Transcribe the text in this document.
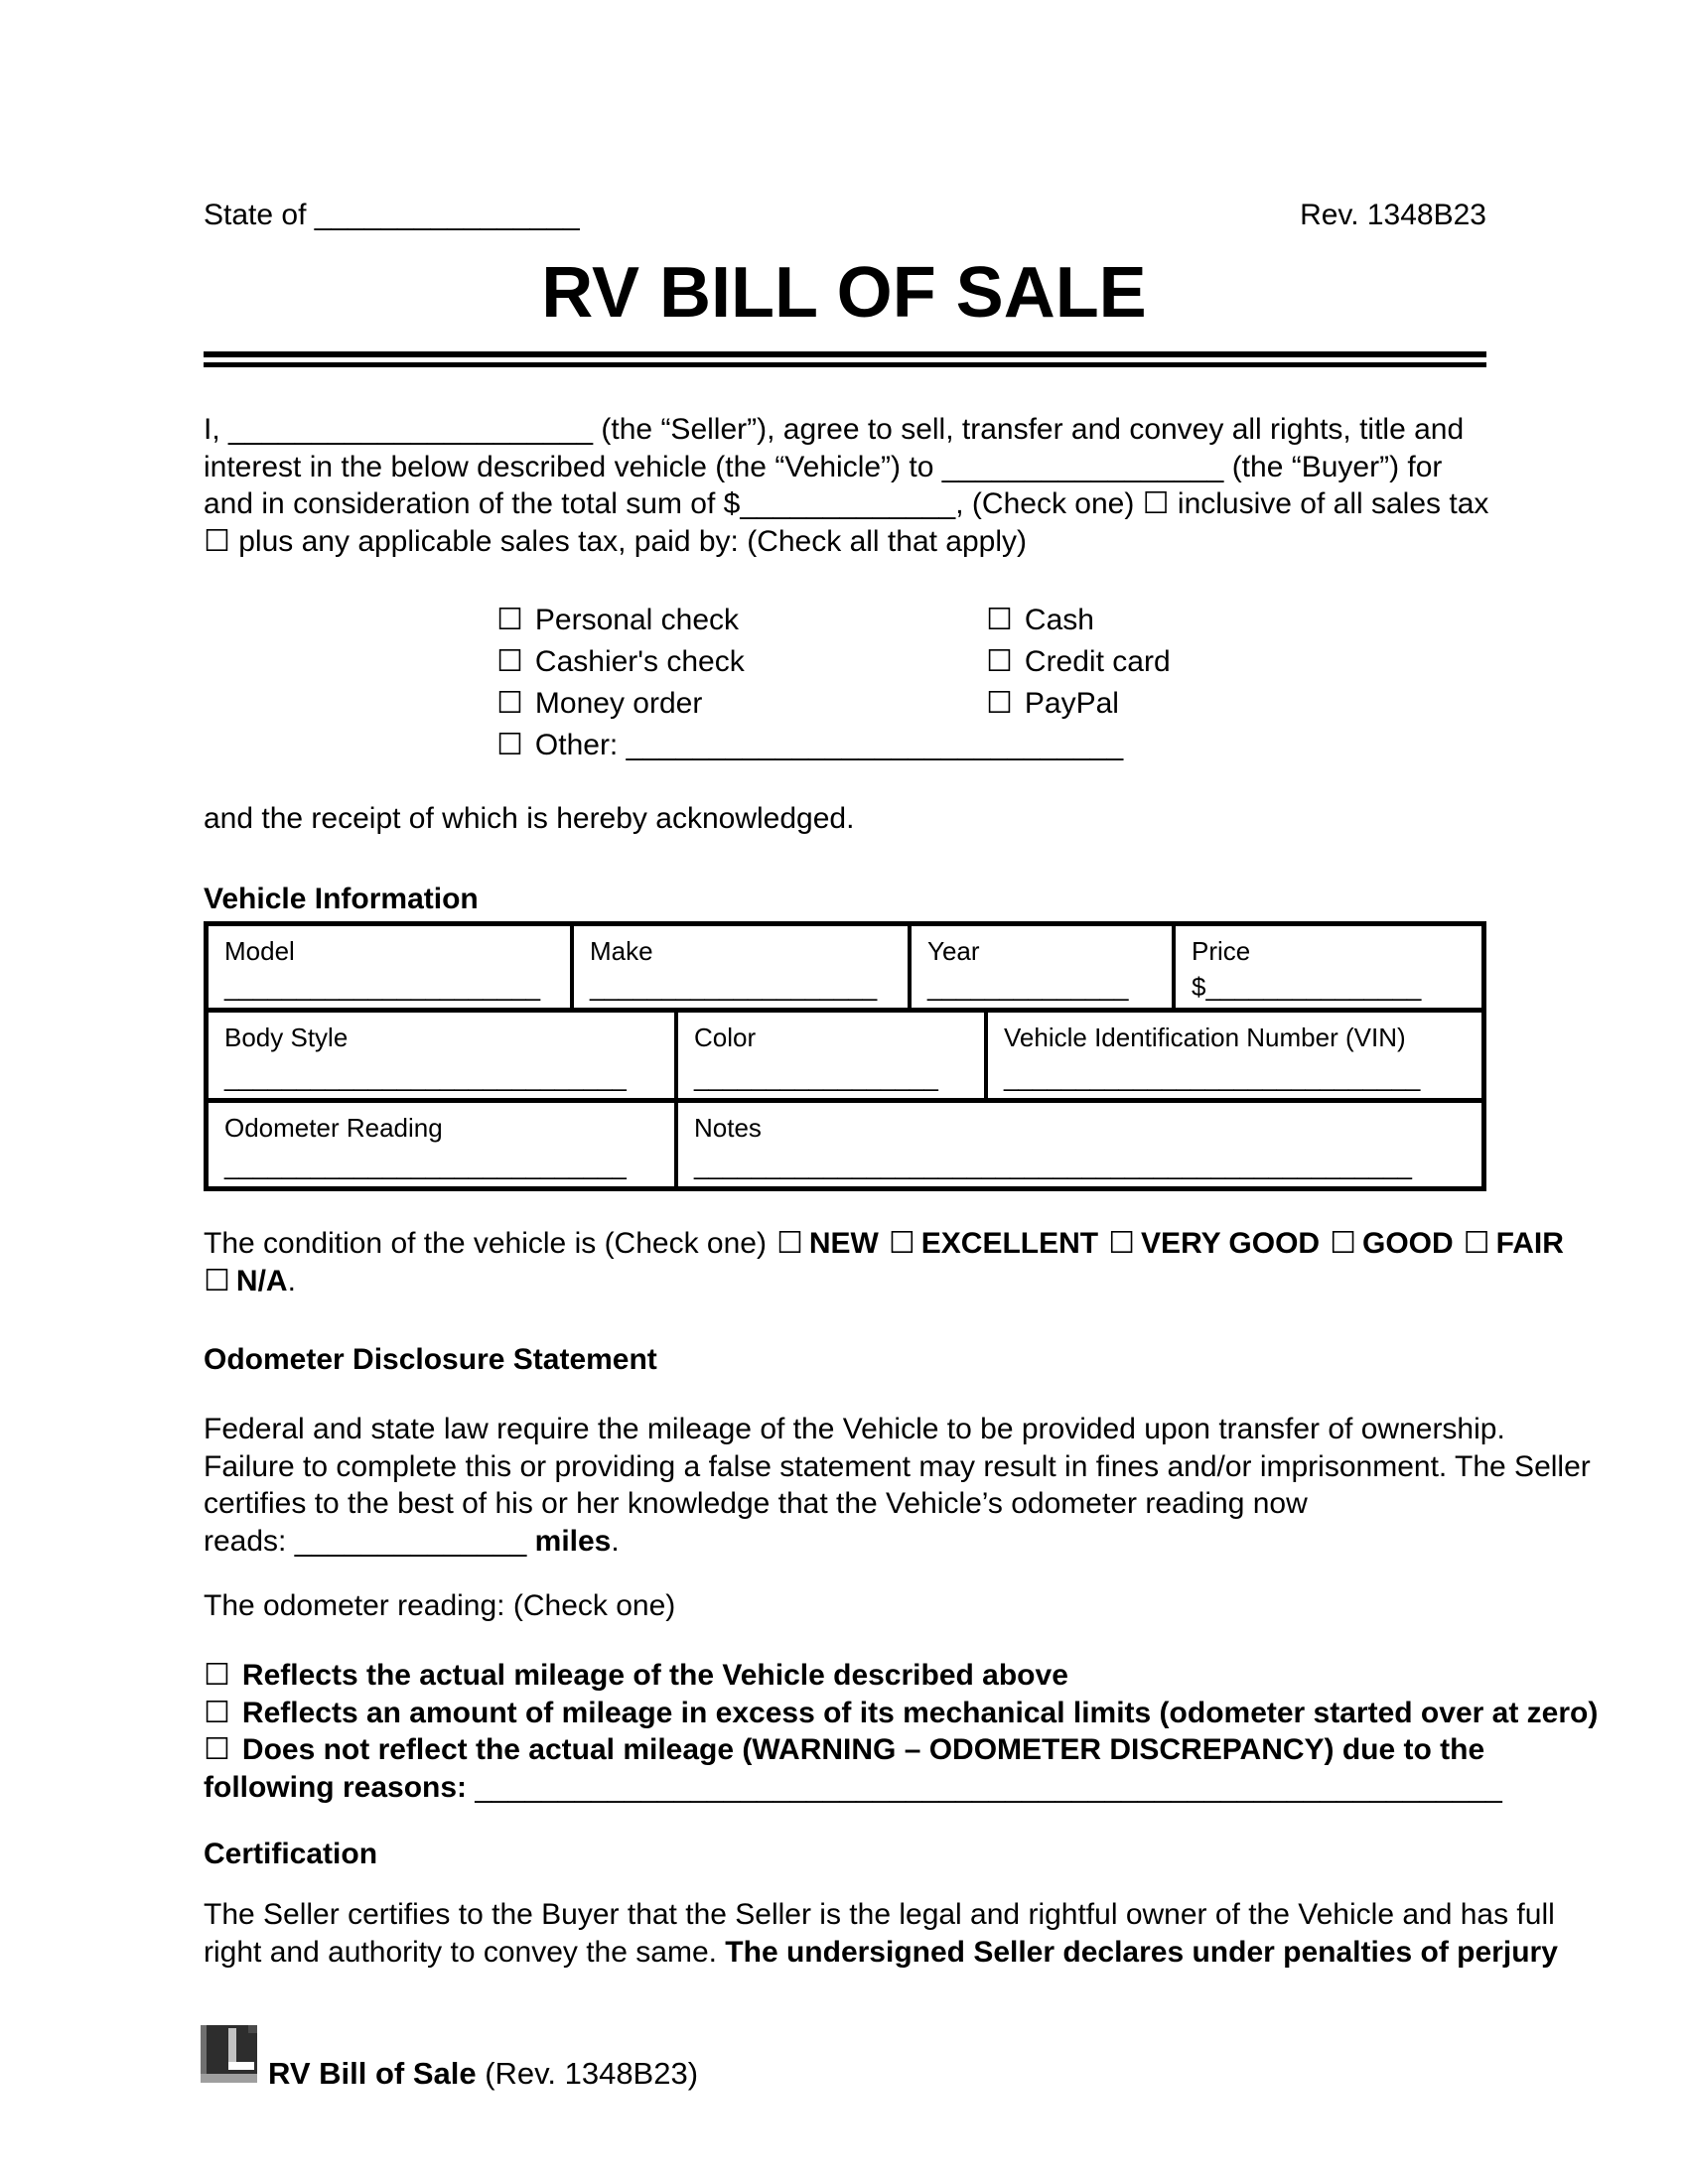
State of ________________	Rev. 1348B23
RV BILL OF SALE
I, ______________________ (the “Seller”), agree to sell, transfer and convey all rights, title and
interest in the below described vehicle (the “Vehicle”) to _________________ (the “Buyer”) for
and in consideration of the total sum of $_____________, (Check one) ☐ inclusive of all sales tax
☐ plus any applicable sales tax, paid by: (Check all that apply)
☐ Personal check
☐ Cashier's check
☐ Money order
☐ Other: ______________________________
☐ Cash
☐ Credit card
☐ PayPal
and the receipt of which is hereby acknowledged.
Vehicle Information
Model
______________________
Make
____________________
Year
______________
Price
$_______________
Body Style
____________________________
Color
_________________
Vehicle Identification Number (VIN)
_____________________________
Odometer Reading
____________________________
Notes
__________________________________________________
The condition of the vehicle is (Check one) ☐ NEW ☐ EXCELLENT ☐ VERY GOOD ☐ GOOD ☐ FAIR
☐ N/A.
Odometer Disclosure Statement
Federal and state law require the mileage of the Vehicle to be provided upon transfer of ownership.
Failure to complete this or providing a false statement may result in fines and/or imprisonment. The Seller
certifies to the best of his or her knowledge that the Vehicle’s odometer reading now
reads: ______________ miles.
The odometer reading: (Check one)
☐ Reflects the actual mileage of the Vehicle described above
☐ Reflects an amount of mileage in excess of its mechanical limits (odometer started over at zero)
☐ Does not reflect the actual mileage (WARNING – ODOMETER DISCREPANCY) due to the
following reasons: ______________________________________________________________
Certification
The Seller certifies to the Buyer that the Seller is the legal and rightful owner of the Vehicle and has full
right and authority to convey the same. The undersigned Seller declares under penalties of perjury
RV Bill of Sale (Rev. 1348B23)
